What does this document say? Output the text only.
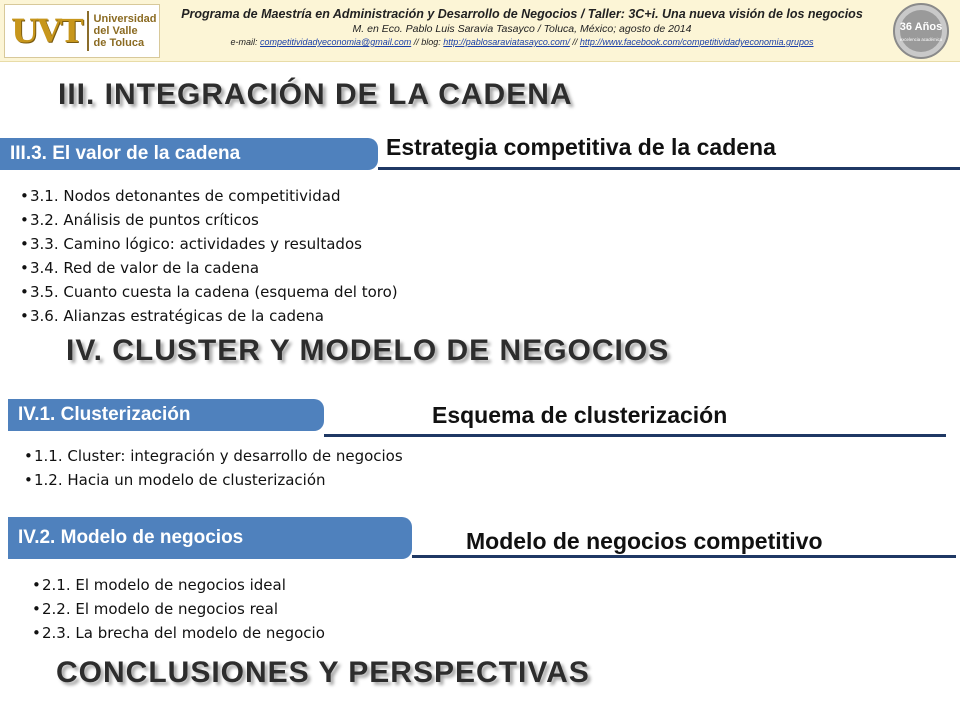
UVT Universidad
del Valle
de Toluca
Programa de Maestría en Administración y Desarrollo de Negocios / Taller: 3C+i. Una nueva visión de los negocios
M. en Eco. Pablo Luis Saravia Tasayco / Toluca, México; agosto de 2014
e-mail: competitividadyeconomia@gmail.com // blog: http://pablosaraviatasayco.com/ // http://www.facebook.com/competitividadyeconomia.grupos
36 Años
excelencia académica
III. INTEGRACIÓN DE LA CADENA
III.3. El valor de la cadena	Estrategia competitiva de la cadena
• 3.1. Nodos detonantes de competitividad
• 3.2. Análisis de puntos críticos
• 3.3. Camino lógico: actividades y resultados
• 3.4. Red de valor de la cadena
• 3.5. Cuanto cuesta la cadena (esquema del toro)
• 3.6. Alianzas estratégicas de la cadena
IV. CLUSTER Y MODELO DE NEGOCIOS
IV.1. Clusterización	Esquema de clusterización
• 1.1. Cluster: integración y desarrollo de negocios
• 1.2. Hacia un modelo de clusterización
IV.2. Modelo de negocios	Modelo de negocios competitivo
• 2.1. El modelo de negocios ideal
• 2.2. El modelo de negocios real
• 2.3. La brecha del modelo de negocio
CONCLUSIONES Y PERSPECTIVAS
